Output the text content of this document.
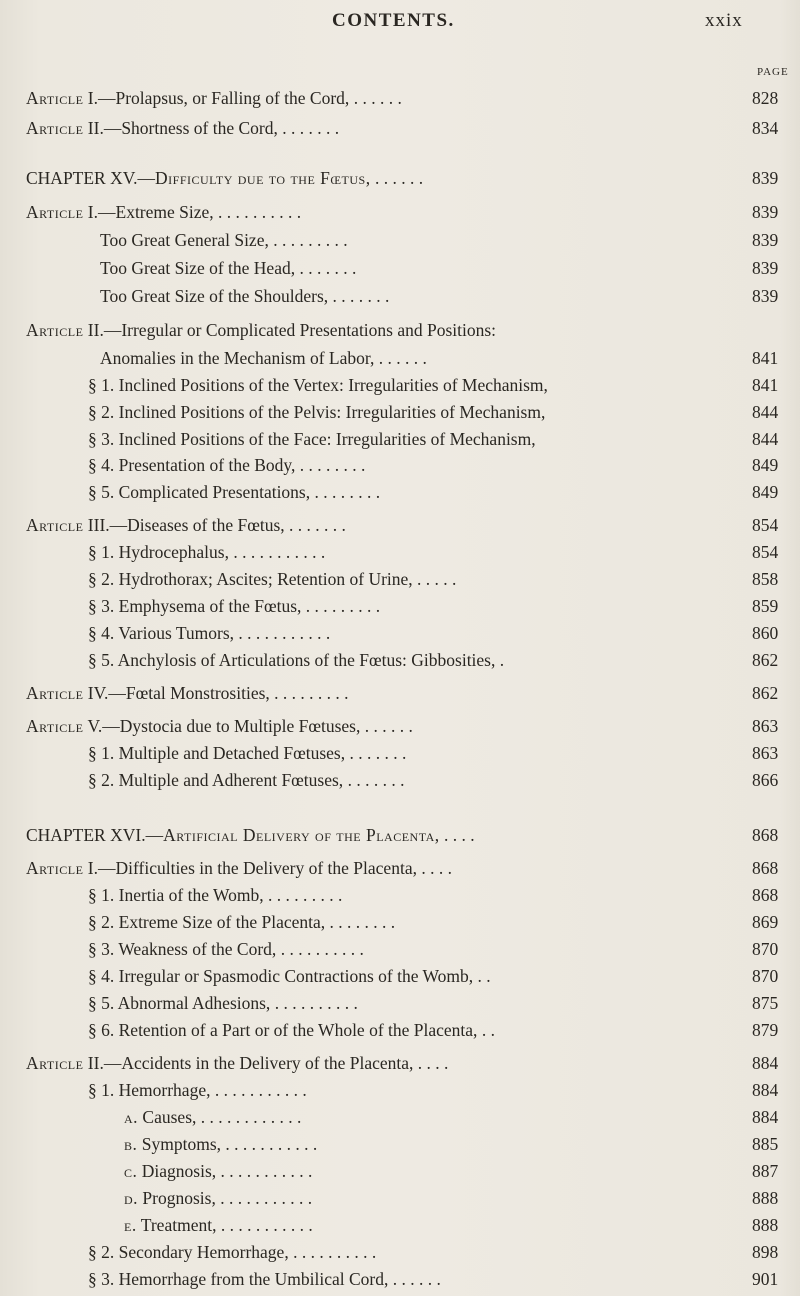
CONTENTS.	xxix
PAGE
Article I.—Prolapsus, or Falling of the Cord, . . . . . .	828
Article II.—Shortness of the Cord, . . . . . . .	834
CHAPTER XV.—Difficulty due to the Fœtus, . . . . . .	839
Article I.—Extreme Size, . . . . . . . . . .	839
Too Great General Size, . . . . . . . . .	839
Too Great Size of the Head, . . . . . . .	839
Too Great Size of the Shoulders, . . . . . . .	839
Article II.—Irregular or Complicated Presentations and Positions:
Anomalies in the Mechanism of Labor, . . . . . .	841
§ 1. Inclined Positions of the Vertex: Irregularities of Mechanism,	841
§ 2. Inclined Positions of the Pelvis: Irregularities of Mechanism,	844
§ 3. Inclined Positions of the Face: Irregularities of Mechanism,	844
§ 4. Presentation of the Body, . . . . . . . .	849
§ 5. Complicated Presentations, . . . . . . . .	849
Article III.—Diseases of the Fœtus, . . . . . . .	854
§ 1. Hydrocephalus, . . . . . . . . . . .	854
§ 2. Hydrothorax; Ascites; Retention of Urine, . . . . .	858
§ 3. Emphysema of the Fœtus, . . . . . . . . .	859
§ 4. Various Tumors, . . . . . . . . . . .	860
§ 5. Anchylosis of Articulations of the Fœtus: Gibbosities, .	862
Article IV.—Fœtal Monstrosities, . . . . . . . . .	862
Article V.—Dystocia due to Multiple Fœtuses, . . . . . .	863
§ 1. Multiple and Detached Fœtuses, . . . . . . .	863
§ 2. Multiple and Adherent Fœtuses, . . . . . . .	866
CHAPTER XVI.—Artificial Delivery of the Placenta, . . . .	868
Article I.—Difficulties in the Delivery of the Placenta, . . . .	868
§ 1. Inertia of the Womb, . . . . . . . . .	868
§ 2. Extreme Size of the Placenta, . . . . . . . .	869
§ 3. Weakness of the Cord, . . . . . . . . . .	870
§ 4. Irregular or Spasmodic Contractions of the Womb, . .	870
§ 5. Abnormal Adhesions, . . . . . . . . . .	875
§ 6. Retention of a Part or of the Whole of the Placenta, . .	879
Article II.—Accidents in the Delivery of the Placenta, . . . .	884
§ 1. Hemorrhage, . . . . . . . . . . .	884
a. Causes, . . . . . . . . . . . .	884
b. Symptoms, . . . . . . . . . . .	885
c. Diagnosis, . . . . . . . . . . .	887
d. Prognosis, . . . . . . . . . . .	888
e. Treatment, . . . . . . . . . . .	888
§ 2. Secondary Hemorrhage, . . . . . . . . . .	898
§ 3. Hemorrhage from the Umbilical Cord, . . . . . .	901
